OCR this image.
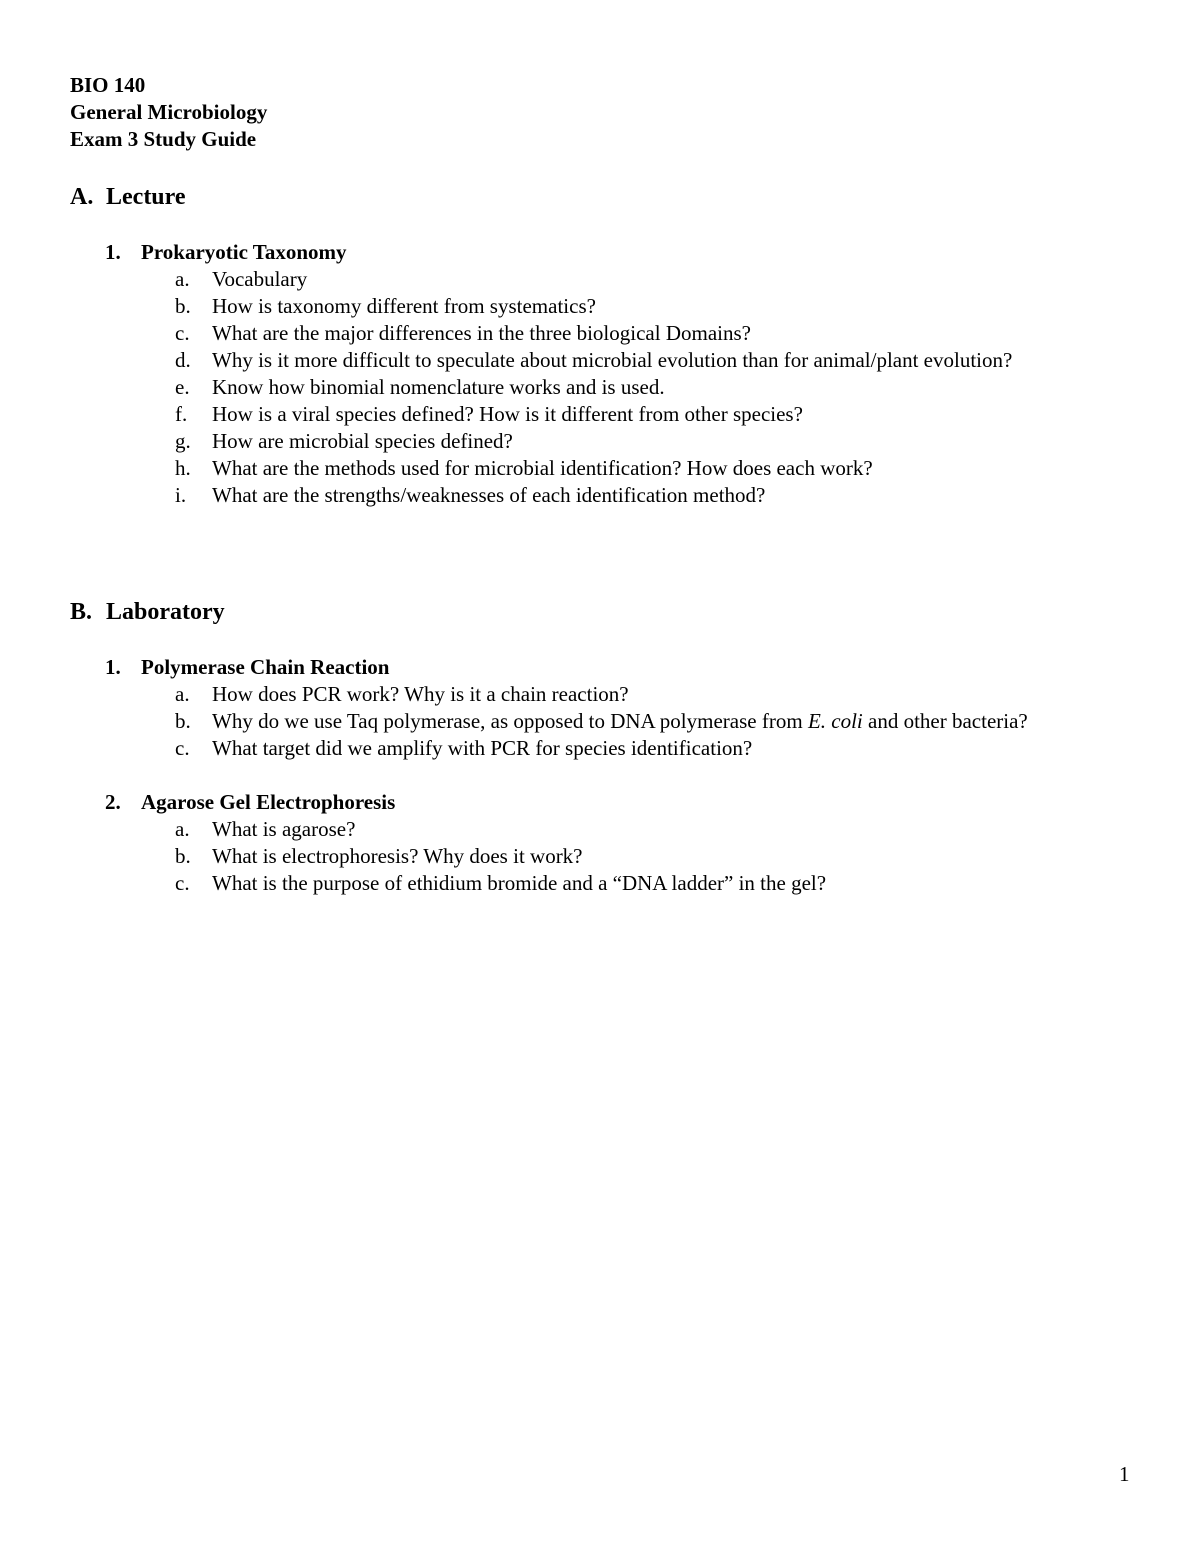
BIO 140
General Microbiology
Exam 3 Study Guide
A. Lecture
1. Prokaryotic Taxonomy
a. Vocabulary
b. How is taxonomy different from systematics?
c. What are the major differences in the three biological Domains?
d. Why is it more difficult to speculate about microbial evolution than for animal/plant evolution?
e. Know how binomial nomenclature works and is used.
f. How is a viral species defined? How is it different from other species?
g. How are microbial species defined?
h. What are the methods used for microbial identification? How does each work?
i. What are the strengths/weaknesses of each identification method?
B. Laboratory
1. Polymerase Chain Reaction
a. How does PCR work? Why is it a chain reaction?
b. Why do we use Taq polymerase, as opposed to DNA polymerase from E. coli and other bacteria?
c. What target did we amplify with PCR for species identification?
2. Agarose Gel Electrophoresis
a. What is agarose?
b. What is electrophoresis? Why does it work?
c. What is the purpose of ethidium bromide and a “DNA ladder” in the gel?
1
